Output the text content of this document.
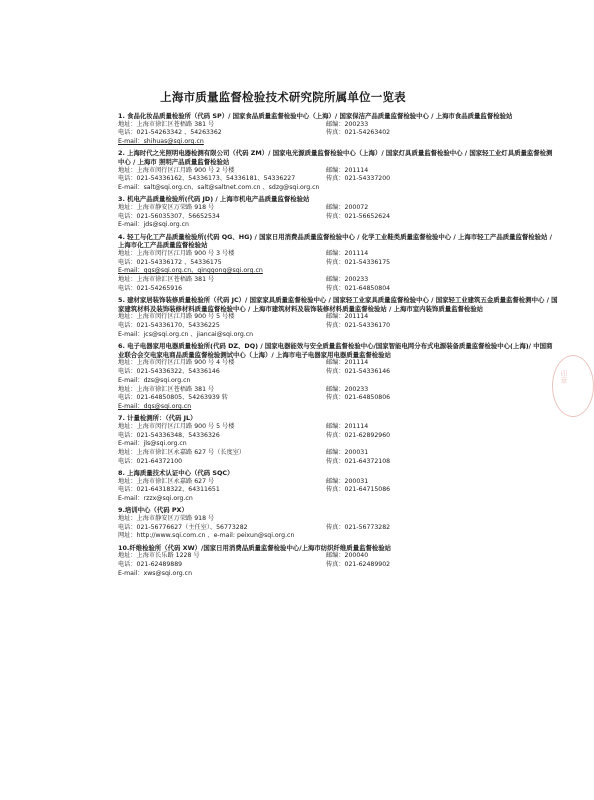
上海市质量监督检验技术研究院所属单位一览表
1. 食品化妆品质量检验所（代码 SP）/ 国家食品质量监督检验中心（上海）/ 国家保洁产品质量监督检验中心 / 上海市食品质量监督检验站
地址：上海市徐汇区苍梧路 381 号	邮编：200233
电话：021-54263342 、54263362	传真：021-54263402
E-mail：shihuas@sqi.org.cn
2. 上海时代之光照明电器检测有限公司（代码 ZM）/ 国家电光源质量监督检验中心（上海）/ 国家灯具质量监督检验中心 / 国家轻工业灯具质量监督检测中心 / 上海市 照明产品质量监督检验站
地址：上海市闵行区江月路 900 号 2 号楼	邮编：201114
电话：021-54336162、54336173、54336181、54336227	传真：021-54337200
E-mail：salt@sqi.org.cn、salt@saltnet.com.cn 、sdzg@sqi.org.cn
3. 机电产品质量检验所(代码 JD) / 上海市机电产品质量监督检验站
地址：上海市静安区万荣路 918 号	邮编：200072
电话：021-56035307、56652534	传真：021-56652624
E-mail：jds@sqi.org.cn
4. 轻工与化工产品质量检验所(代码 QG、HG) / 国家日用消费品质量监督检验中心 / 化学工业鞋类质量监督检验中心 / 上海市轻工产品质量监督检验站 / 上海市化工产品质量监督检验站
地址：上海市闵行区江月路 900 号 3 号楼	邮编：201114
电话：021-54336172 、54336175	传真：021-54336175
E-mail：qgs@sqi.org.cn、qinggong@sqi.org.cn
地址：上海市徐汇区苍梧路 381 号	邮编：200233
电话：021-54265916	传真：021-64850804
5. 建材家居装饰装修质量检验所（代码 JC）/ 国家家具质量监督检验中心 / 国家轻工业家具质量监督检验中心 / 国家轻工业建筑五金质量监督检测中心 / 国家建筑材料及装饰装修材料质量监督检验中心 / 上海市建筑材料及装饰装修材料质量监督检验站 / 上海市室内装饰质量监督检验站
地址：上海市闵行区江月路 900 号 5 号楼	邮编：201114
电话：021-54336170、54336225	传真：021-54336170
E-mail：jcs@sqi.org.cn 、jiancai@sqi.org.cn
6. 电子电器家用电器质量检验所(代码 DZ、DQ) / 国家电器能效与安全质量监督检验中心/国家智能电网分布式电源装备质量监督检验中心(上海)/ 中国商业联合会交电家电商品质量监督检验测试中心（上海）/ 上海市电子电器家用电器质量监督检验站
地址：上海市闵行区江月路 900 号 4 号楼	邮编：201114
电话：021-54336322、54336146	传真：021-54336146
E-mail：dzs@sqi.org.cn
地址：上海市徐汇区苍梧路 381 号	邮编：200233
电话：021-64850805、54263939 转	传真：021-64850806
E-mail：dqs@sqi.org.cn
7. 计量检测所：（代码 JL）
地址：上海市闵行区江月路 900 号 5 号楼	邮编：201114
电话：021-54336348、54336326	传真：021-62892960
E-mail：jls@sqi.org.cn
地址：上海市徐汇区永嘉路 627 号（长度室）	邮编：200031
电话：021-64372100	传真：021-64372108
8. 上海质量技术认证中心（代码 SQC）
地址：上海市徐汇区永嘉路 627 号	邮编：200031
电话：021-64318322、64311651	传真：021-64715086
E-mail：rzzx@sqi.org.cn
9.培训中心（代码 PX）
地址：上海市静安区万荣路 918 号
电话：021-56776627（主任室）、56773282	传真：021-56773282
网址：http://www.sqi.com.cn 、e-mail: peixun@sqi.org.cn
10.纤维检验所（代码 XW）/国家日用消费品质量监督检验中心/上海市纺织纤维质量监督检验站
地址：上海市长乐路 1228 号	邮编：200040
电话：021-62489889	传真：021-62489902
E-mail：xws@sqi.org.cn
印章
